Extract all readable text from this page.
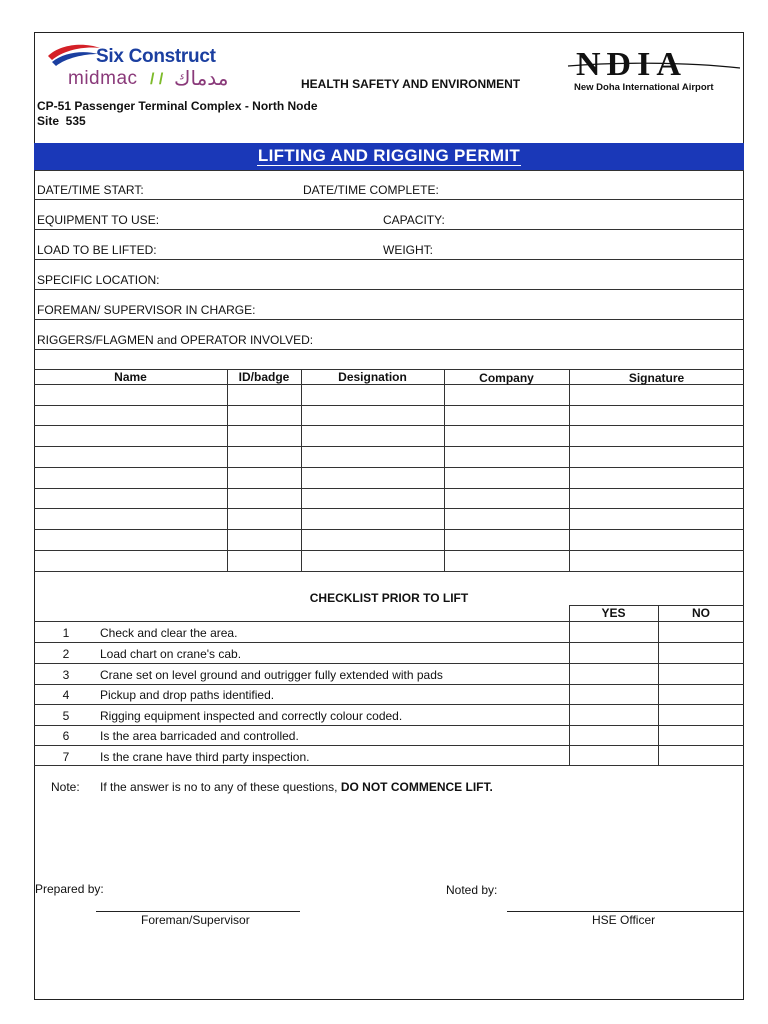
Six Construct
midmac / / مدماك	HEALTH SAFETY AND ENVIRONMENT
NDIA
New Doha International Airport
CP-51 Passenger Terminal Complex - North Node
Site  535
LIFTING AND RIGGING PERMIT
DATE/TIME START:	DATE/TIME COMPLETE:
EQUIPMENT TO USE:	CAPACITY:
LOAD TO BE LIFTED:	WEIGHT:
SPECIFIC LOCATION:
FOREMAN/ SUPERVISOR IN CHARGE:
RIGGERS/FLAGMEN and OPERATOR INVOLVED:
Name	ID/badge	Designation	Company	Signature
CHECKLIST PRIOR TO LIFT
YES	NO
1	Check and clear the area.
2	Load chart on crane's cab.
3	Crane set on level ground and outrigger fully extended with pads
4	Pickup and drop paths identified.
5	Rigging equipment inspected and correctly colour coded.
6	Is the area barricaded and controlled.
7	Is the crane have third party inspection.
Note: If the answer is no to any of these questions, DO NOT COMMENCE LIFT.
Prepared by:
Foreman/Supervisor
Noted by:
HSE Officer
